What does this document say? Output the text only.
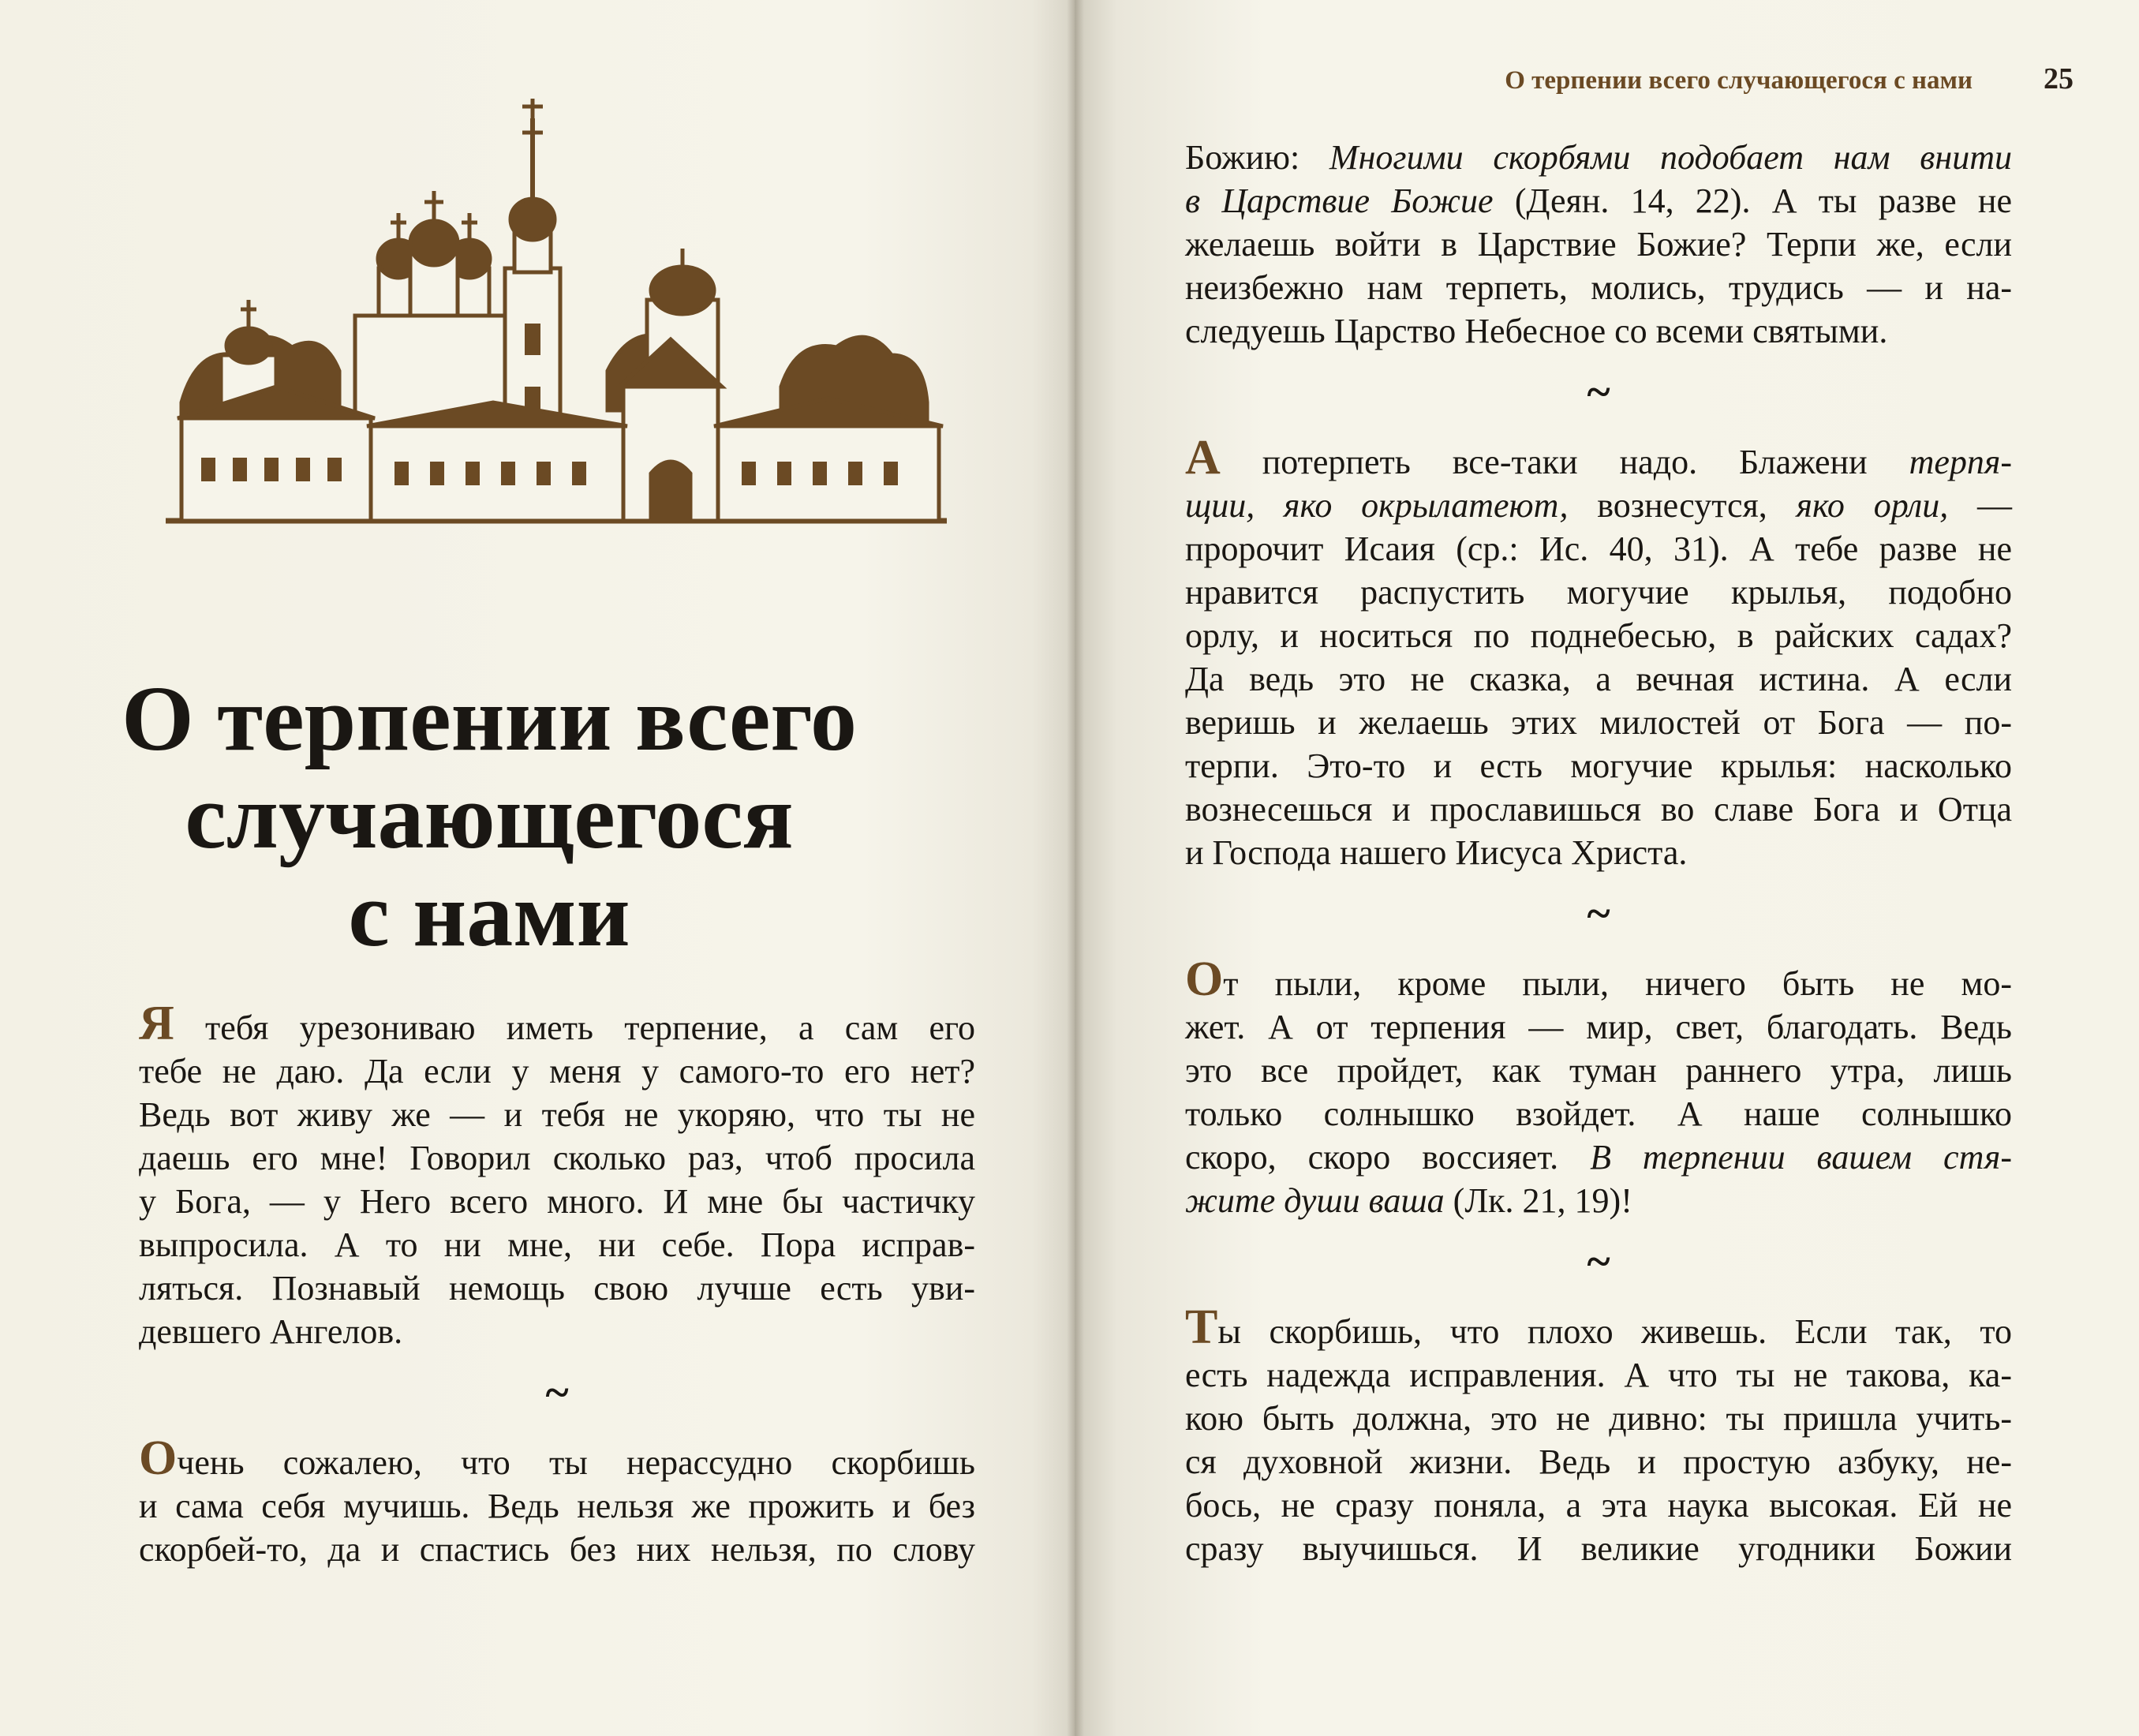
О терпении всего
случающегося
с нами

Я тебя урезониваю иметь терпение, а сам его
тебе не даю. Да если у меня у самого-то его нет?
Ведь вот живу же — и тебя не укоряю, что ты не
даешь его мне! Говорил сколько раз, чтоб просила
у Бога, — у Него всего много. И мне бы частичку
выпросила. А то ни мне, ни себе. Пора исправ-
ляться. Познавый немощь свою лучше есть уви-
девшего Ангелов.

~

Очень сожалею, что ты нерассудно скорбишь
и сама себя мучишь. Ведь нельзя же прожить и без
скорбей-то, да и спастись без них нельзя, по слову

О терпении всего случающегося с нами 25

Божию: Многими скорбями подобает нам внити
в Царствие Божие (Деян. 14, 22). А ты разве не
желаешь войти в Царствие Божие? Терпи же, если
неизбежно нам терпеть, молись, трудись — и на-
следуешь Царство Небесное со всеми святыми.

~

А потерпеть все-таки надо. Блажени терпя-
щии, яко окрылатеют, вознесутся, яко орли, —
пророчит Исаия (ср.: Ис. 40, 31). А тебе разве не
нравится распустить могучие крылья, подобно
орлу, и носиться по поднебесью, в райских садах?
Да ведь это не сказка, а вечная истина. А если
веришь и желаешь этих милостей от Бога — по-
терпи. Это-то и есть могучие крылья: насколько
вознесешься и прославишься во славе Бога и Отца
и Господа нашего Иисуса Христа.

~

От пыли, кроме пыли, ничего быть не мо-
жет. А от терпения — мир, свет, благодать. Ведь
это все пройдет, как туман раннего утра, лишь
только солнышко взойдет. А наше солнышко
скоро, скоро воссияет. В терпении вашем стя-
жите души ваша (Лк. 21, 19)!

~

Ты скорбишь, что плохо живешь. Если так, то
есть надежда исправления. А что ты не такова, ка-
кою быть должна, это не дивно: ты пришла учить-
ся духовной жизни. Ведь и простую азбуку, не-
бось, не сразу поняла, а эта наука высокая. Ей не
сразу выучишься. И великие угодники Божии
